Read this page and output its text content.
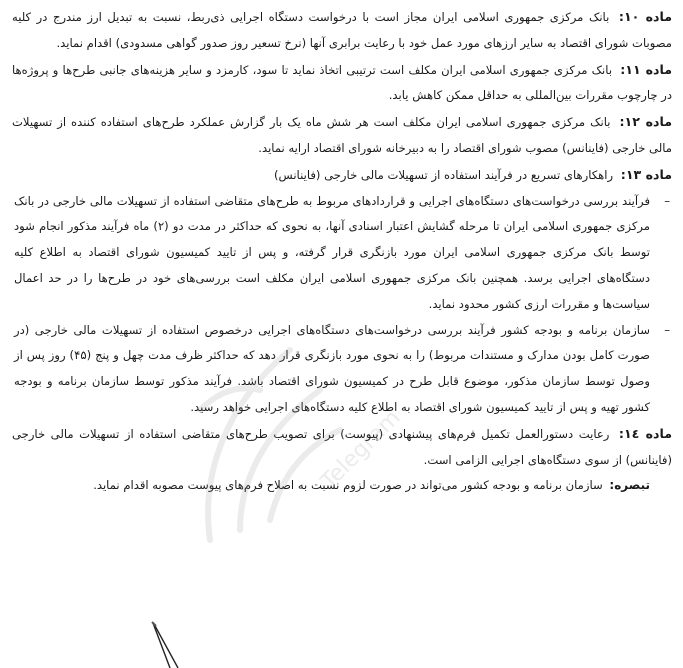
ماده ۱۰: بانک مرکزی جمهوری اسلامی ایران مجاز است با درخواست دستگاه اجرایی ذی‌ربط، نسبت به تبدیل ارز مندرج در کلیه مصوبات شورای اقتصاد به سایر ارزهای مورد عمل خود با رعایت برابری آنها (نرخ تسعیر روز صدور گواهی مسدودی) اقدام نماید.

ماده ۱۱: بانک مرکزی جمهوری اسلامی ایران مکلف است ترتیبی اتخاذ نماید تا سود، کارمزد و سایر هزینه‌های جانبی طرح‌ها و پروژه‌ها در چارچوب مقررات بین‌المللی به حداقل ممکن کاهش یابد.

ماده ۱۲: بانک مرکزی جمهوری اسلامی ایران مکلف است هر شش ماه یک بار گزارش عملکرد طرح‌های استفاده کننده از تسهیلات مالی خارجی (فاینانس) مصوب شورای اقتصاد را به دبیرخانه شورای اقتصاد ارایه نماید.

ماده ۱۳: راهکارهای تسریع در فرآیند استفاده از تسهیلات مالی خارجی (فاینانس)

–
فرآیند بررسی درخواست‌های دستگاه‌های اجرایی و قراردادهای مربوط به طرح‌های متقاضی استفاده از تسهیلات مالی خارجی در بانک مرکزی جمهوری اسلامی ایران تا مرحله گشایش اعتبار اسنادی آنها، به نحوی که حداکثر در مدت دو (۲) ماه فرآیند مذکور انجام شود توسط بانک مرکزی جمهوری اسلامی ایران مورد بازنگری قرار گرفته، و پس از تایید کمیسیون شورای اقتصاد به اطلاع کلیه دستگاه‌های اجرایی برسد. همچنین بانک مرکزی جمهوری اسلامی ایران مکلف است بررسی‌های خود در طرح‌ها را در حد اعمال سیاست‌ها و مقررات ارزی کشور محدود نماید.

–
سازمان برنامه و بودجه کشور فرآیند بررسی درخواست‌های دستگاه‌های اجرایی درخصوص استفاده از تسهیلات مالی خارجی (در صورت کامل بودن مدارک و مستندات مربوط) را به نحوی مورد بازنگری قرار دهد که حداکثر ظرف مدت چهل و پنج (۴۵) روز پس از وصول توسط سازمان مذکور، موضوع قابل طرح در کمیسیون شورای اقتصاد باشد. فرآیند مذکور توسط سازمان برنامه و بودجه کشور تهیه و پس از تایید کمیسیون شورای اقتصاد به اطلاع کلیه دستگاه‌های اجرایی خواهد رسید.

ماده ١٤: رعایت دستورالعمل تکمیل فرم‌های پیشنهادی (پیوست) برای تصویب طرح‌های متقاضی استفاده از تسهیلات مالی خارجی (فاینانس) از سوی دستگاه‌های اجرایی الزامی است.

تبصره: سازمان برنامه و بودجه کشور می‌تواند در صورت لزوم نسبت به اصلاح فرم‌های پیوست مصوبه اقدام نماید.

Telegram
